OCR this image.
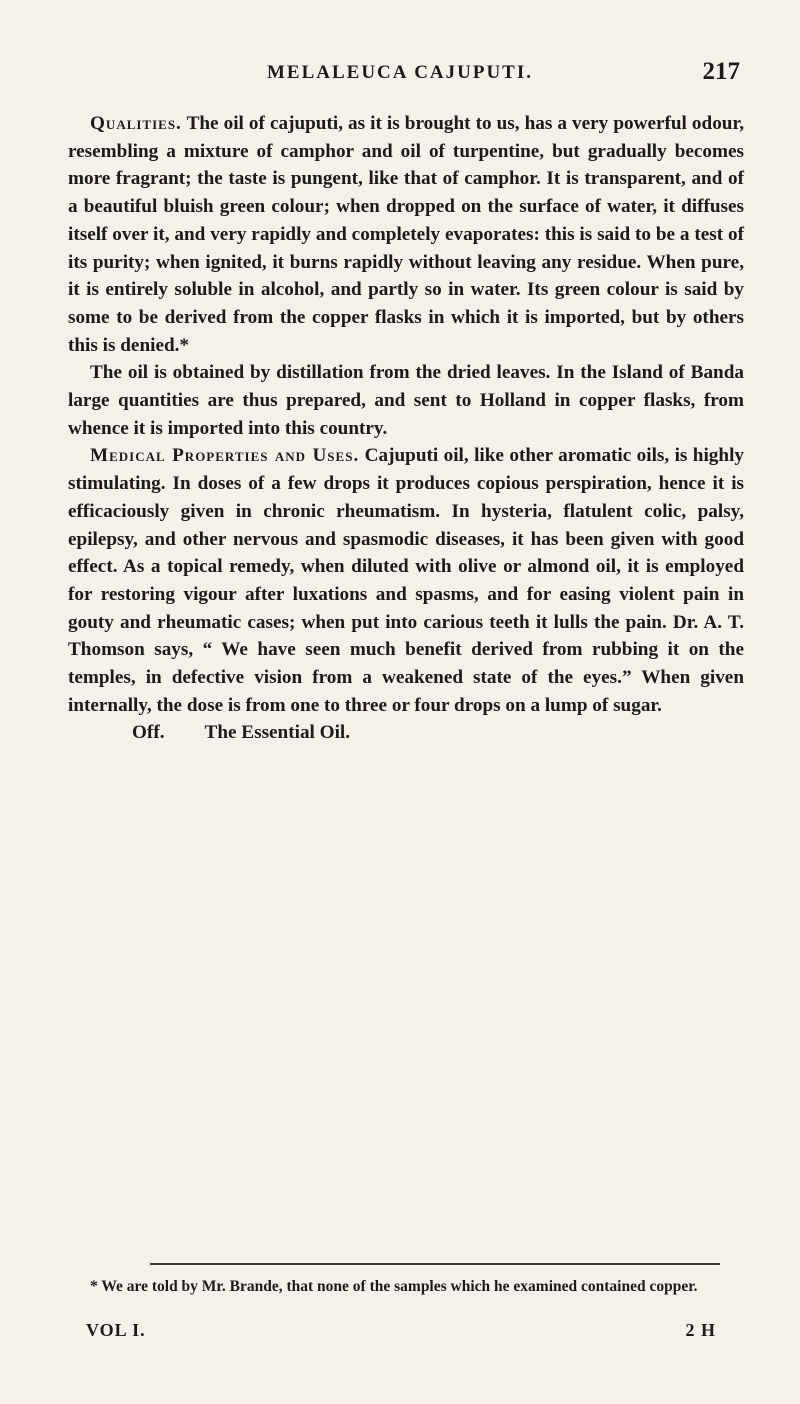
MELALEUCA CAJUPUTI.	217

Qualities. The oil of cajuputi, as it is brought to us, has a very powerful odour, resembling a mixture of camphor and oil of turpentine, but gradually becomes more fragrant; the taste is pungent, like that of camphor. It is transparent, and of a beautiful bluish green colour; when dropped on the surface of water, it diffuses itself over it, and very rapidly and completely evaporates: this is said to be a test of its purity; when ignited, it burns rapidly without leaving any residue. When pure, it is entirely soluble in alcohol, and partly so in water. Its green colour is said by some to be derived from the copper flasks in which it is imported, but by others this is denied.*

The oil is obtained by distillation from the dried leaves. In the Island of Banda large quantities are thus prepared, and sent to Holland in copper flasks, from whence it is imported into this country.

Medical Properties and Uses. Cajuputi oil, like other aromatic oils, is highly stimulating. In doses of a few drops it produces copious perspiration, hence it is efficaciously given in chronic rheumatism. In hysteria, flatulent colic, palsy, epilepsy, and other nervous and spasmodic diseases, it has been given with good effect. As a topical remedy, when diluted with olive or almond oil, it is employed for restoring vigour after luxations and spasms, and for easing violent pain in gouty and rheumatic cases; when put into carious teeth it lulls the pain. Dr. A. T. Thomson says, “ We have seen much benefit derived from rubbing it on the temples, in defective vision from a weakened state of the eyes.” When given internally, the dose is from one to three or four drops on a lump of sugar.

Off. The Essential Oil.

* We are told by Mr. Brande, that none of the samples which he examined contained copper.

VOL I.	2 H
